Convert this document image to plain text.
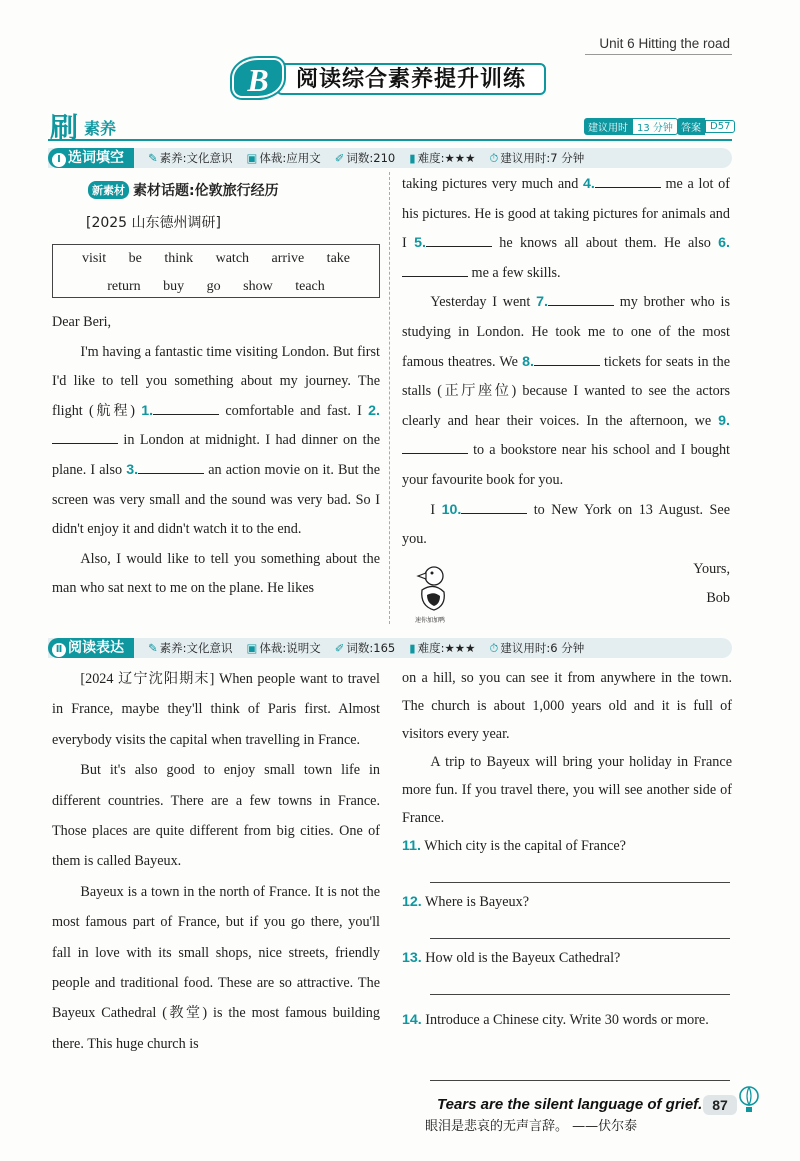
Unit 6 Hitting the road
阅读综合素养提升训练
B
刷 素养	建议用时 13 分钟 答案 D57
Ⅰ 选词填空	✎ 素养:文化意识 ▣ 体裁:应用文 ✐ 词数:210 ▮ 难度:★★★ ⏱ 建议用时:7 分钟
新素材 素材话题:伦敦旅行经历
[2025 山东德州调研]
visit   be   think   watch   arrive   take
return   buy   go   show   teach

Dear Beri,

I'm having a fantastic time visiting London. But first I'd like to tell you something about my journey. The flight (航程) 1.	comfortable and fast. I 2. in London at midnight. I had dinner on the plane. I also 3.	an action movie on it. But the screen was very small and the sound was very bad. So I didn't enjoy it and didn't watch it to the end.

Also, I would like to tell you something about the man who sat next to me on the plane. He likes

taking pictures very much and 4.	me a lot of his pictures. He is good at taking pictures for animals and I 5.	he knows all about them. He also 6. me a few skills.

Yesterday I went 7.	my brother who is studying in London. He took me to one of the most famous theatres. We 8.	tickets for seats in the stalls (正厅座位) because I wanted to see the actors clearly and hear their voices. In the afternoon, we 9. to a bookstore near his school and I bought your favourite book for you.

I 10.	to New York on 13 August. See you.

Yours,

Bob

速你加加鸭
Ⅱ 阅读表达	✎ 素养:文化意识 ▣ 体裁:说明文 ✐ 词数:165 ▮ 难度:★★★ ⏱ 建议用时:6 分钟

[2024 辽宁沈阳期末] When people want to travel in France, maybe they'll think of Paris first. Almost everybody visits the capital when travelling in France.

But it's also good to enjoy small town life in different countries. There are a few towns in France. Those places are quite different from big cities. One of them is called Bayeux.

Bayeux is a town in the north of France. It is not the most famous part of France, but if you go there, you'll fall in love with its small shops, nice streets, friendly people and traditional food. These are so attractive. The Bayeux Cathedral (教堂) is the most famous building there. This huge church is

on a hill, so you can see it from anywhere in the town. The church is about 1,000 years old and it is full of visitors every year.

A trip to Bayeux will bring your holiday in France more fun. If you travel there, you will see another side of France.

11. Which city is the capital of France?
12. Where is Bayeux?
13. How old is the Bayeux Cathedral?
14. Introduce a Chinese city. Write 30 words or more.
Tears are the silent language of grief.
眼泪是悲哀的无声言辞。 ——伏尔泰
87
